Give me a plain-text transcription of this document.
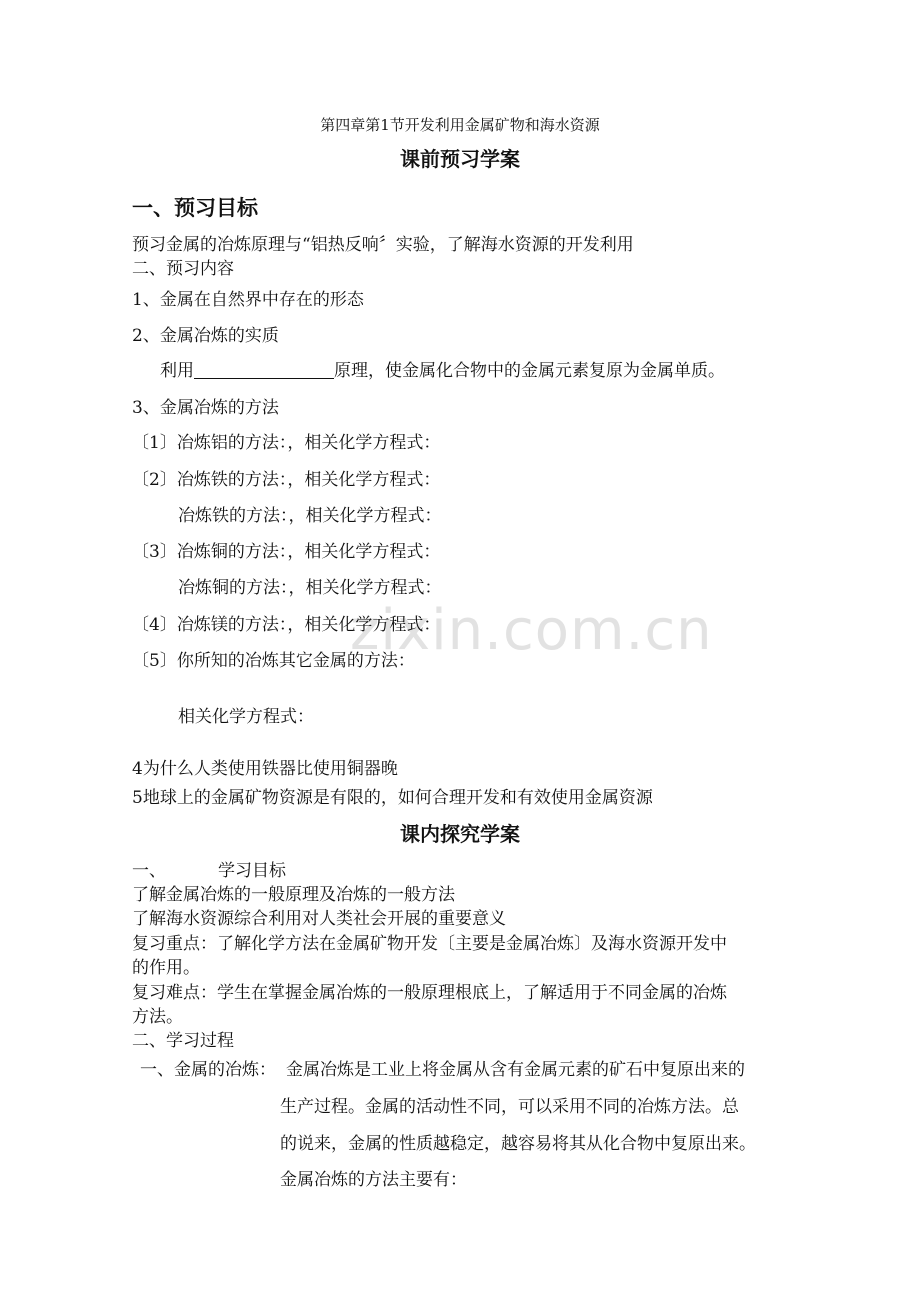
zixin.com.cn
第四章第1节开发利用金属矿物和海水资源
课前预习学案
一、预习目标
预习金属的冶炼原理与“铝热反响〞实验，了解海水资源的开发利用
二、预习内容
1、金属在自然界中存在的形态
2、金属冶炼的实质
利用	原理，使金属化合物中的金属元素复原为金属单质。
3、金属冶炼的方法
〔1〕冶炼铝的方法：，相关化学方程式：
〔2〕冶炼铁的方法：，相关化学方程式：
冶炼铁的方法：，相关化学方程式：
〔3〕冶炼铜的方法：，相关化学方程式：
冶炼铜的方法：，相关化学方程式：
〔4〕冶炼镁的方法：，相关化学方程式：
〔5〕你所知的冶炼其它金属的方法：
相关化学方程式：
4为什么人类使用铁器比使用铜器晚
5地球上的金属矿物资源是有限的，如何合理开发和有效使用金属资源
课内探究学案
一、	学习目标
了解金属冶炼的一般原理及冶炼的一般方法
了解海水资源综合利用对人类社会开展的重要意义
复习重点：了解化学方法在金属矿物开发〔主要是金属冶炼〕及海水资源开发中
的作用。
复习难点：学生在掌握金属冶炼的一般原理根底上，了解适用于不同金属的冶炼
方法。
二、学习过程
一、金属的冶炼： 金属冶炼是工业上将金属从含有金属元素的矿石中复原出来的
生产过程。金属的活动性不同，可以采用不同的冶炼方法。总
的说来，金属的性质越稳定，越容易将其从化合物中复原出来。
金属冶炼的方法主要有：
